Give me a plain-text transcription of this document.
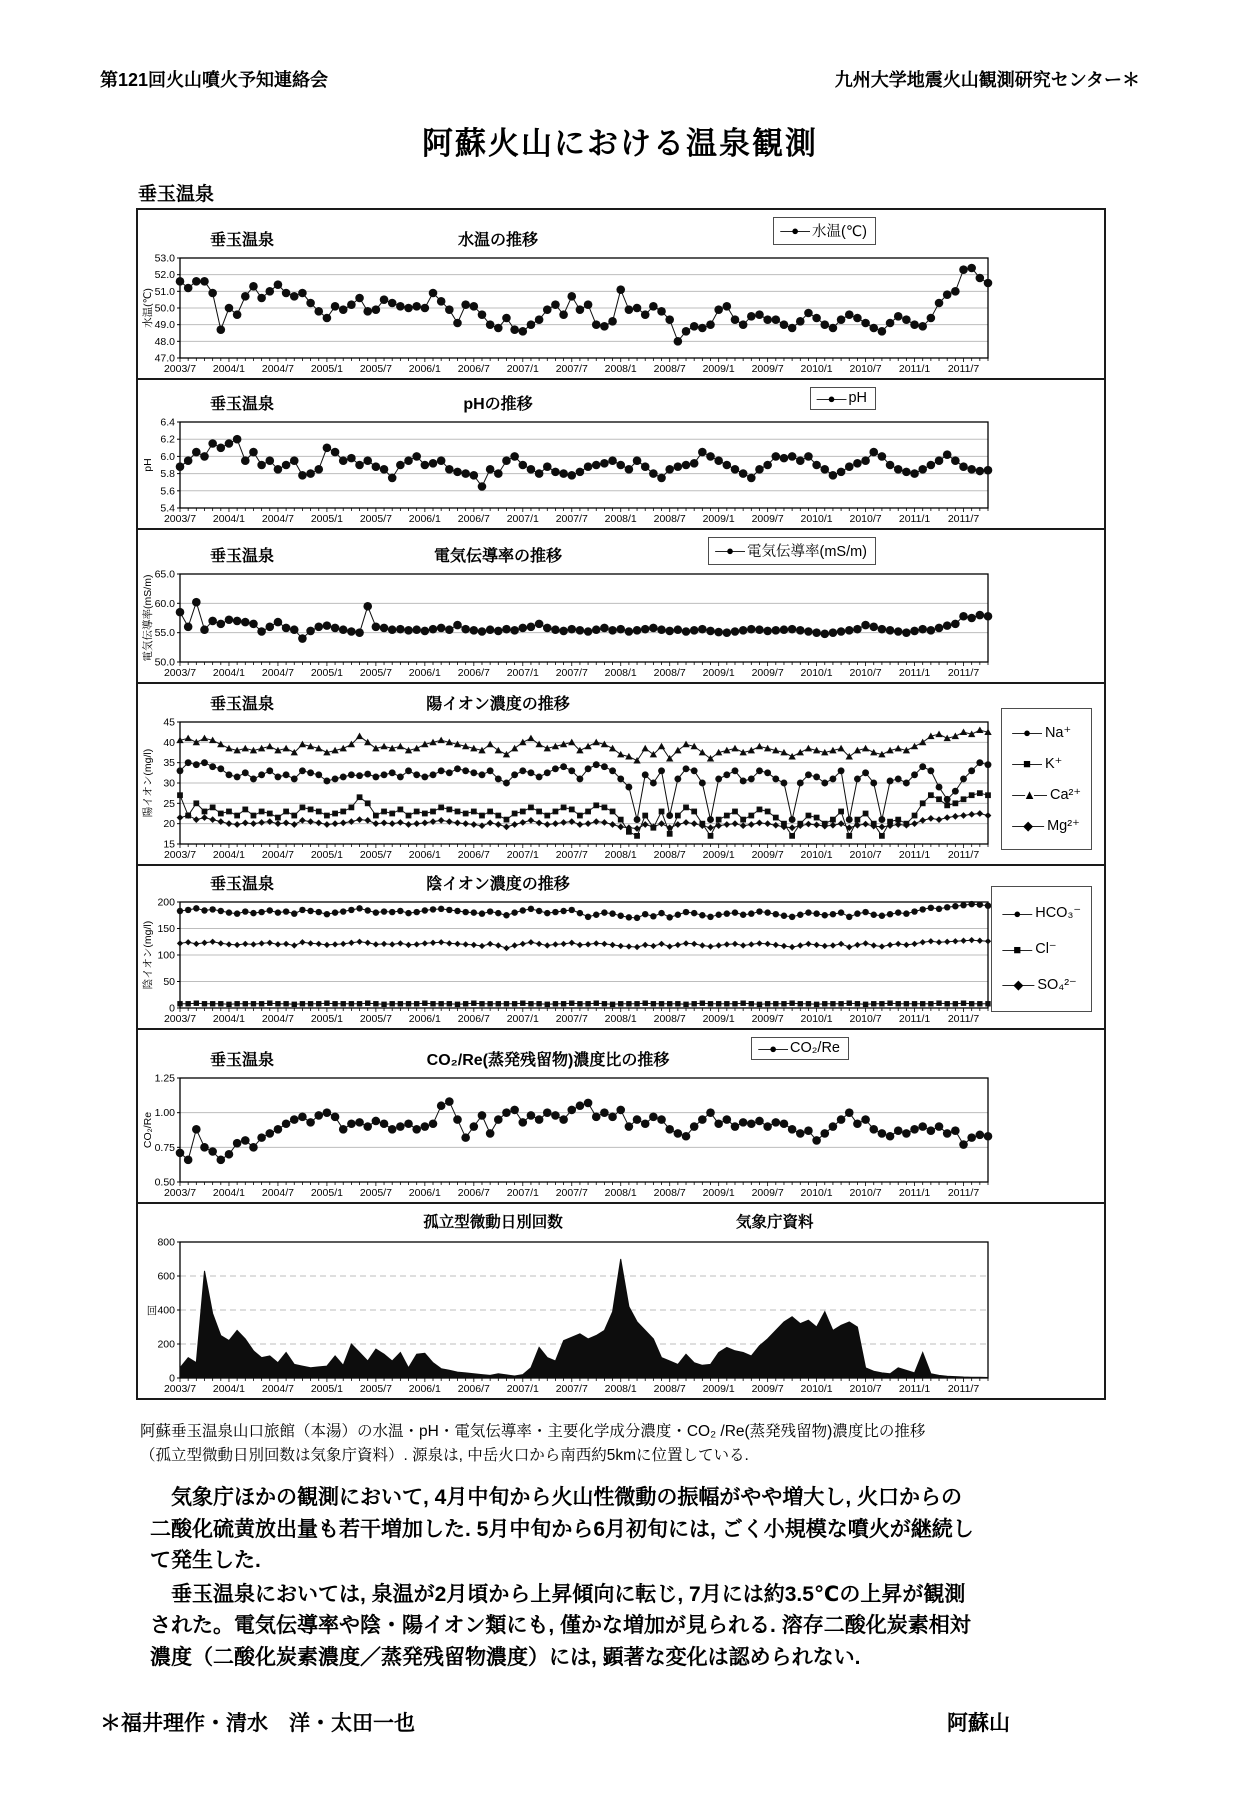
第121回火山噴火予知連絡会	九州大学地震火山観測研究センター＊
阿蘇火山における温泉観測
垂玉温泉
垂玉温泉	水温の推移
—●— 水温(℃)
47.0
48.0
49.0
50.0
51.0
52.0
53.0
2003/7 2004/1 2004/7 2005/1 2005/7 2006/1 2006/7 2007/1 2007/7 2008/1 2008/7 2009/1 2009/7 2010/1 2010/7 2011/1 2011/7
水温(℃)
垂玉温泉	pHの推移	—●— pH
5.4
5.6
5.8
6.0
6.2
6.4
2003/7 2004/1 2004/7 2005/1 2005/7 2006/1 2006/7 2007/1 2007/7 2008/1 2008/7 2009/1 2009/7 2010/1 2010/7 2011/1 2011/7
pH
垂玉温泉	電気伝導率の推移	—●— 電気伝導率(mS/m)
50.0
55.0
60.0
65.0
2003/7 2004/1 2004/7 2005/1 2005/7 2006/1 2006/7 2007/1 2007/7 2008/1 2008/7 2009/1 2009/7 2010/1 2010/7 2011/1 2011/7
電気伝導率(mS/m)
垂玉温泉	陽イオン濃度の推移
—●— Na⁺
—■— K⁺
—▲— Ca²⁺
—◆— Mg²⁺
15
20
25
30
35
40
45
2003/7 2004/1 2004/7 2005/1 2005/7 2006/1 2006/7 2007/1 2007/7 2008/1 2008/7 2009/1 2009/7 2010/1 2010/7 2011/1 2011/7
陽イオン(mg/l)
垂玉温泉	陰イオン濃度の推移
—●— HCO₃⁻
—■— Cl⁻
—◆— SO₄²⁻
0
50
100
150
200
2003/7 2004/1 2004/7 2005/1 2005/7 2006/1 2006/7 2007/1 2007/7 2008/1 2008/7 2009/1 2009/7 2010/1 2010/7 2011/1 2011/7
陰イオン(mg/l)
垂玉温泉	CO₂/Re(蒸発残留物)濃度比の推移
—●— CO₂/Re
0.50
0.75
1.00
1.25
2003/7 2004/1 2004/7 2005/1 2005/7 2006/1 2006/7 2007/1 2007/7 2008/1 2008/7 2009/1 2009/7 2010/1 2010/7 2011/1 2011/7
CO₂/Re
孤立型微動日別回数	気象庁資料
0
200
400
600
800
2003/7 2004/1 2004/7 2005/1 2005/7 2006/1 2006/7 2007/1 2007/7 2008/1 2008/7 2009/1 2009/7 2010/1 2010/7 2011/1 2011/7
回
阿蘇垂玉温泉山口旅館（本湯）の水温・pH・電気伝導率・主要化学成分濃度・CO₂ /Re(蒸発残留物)濃度比の推移
（孤立型微動日別回数は気象庁資料）. 源泉は, 中岳火口から南西約5kmに位置している.

気象庁ほかの観測において, 4月中旬から火山性微動の振幅がやや増大し, 火口からの二酸化硫黄放出量も若干増加した. 5月中旬から6月初旬には, ごく小規模な噴火が継続して発生した.

垂玉温泉においては, 泉温が2月頃から上昇傾向に転じ, 7月には約3.5℃の上昇が観測された。電気伝導率や陰・陽イオン類にも, 僅かな増加が見られる. 溶存二酸化炭素相対濃度（二酸化炭素濃度／蒸発残留物濃度）には, 顕著な変化は認められない.

＊福井理作・清水　洋・太田一也	阿蘇山
